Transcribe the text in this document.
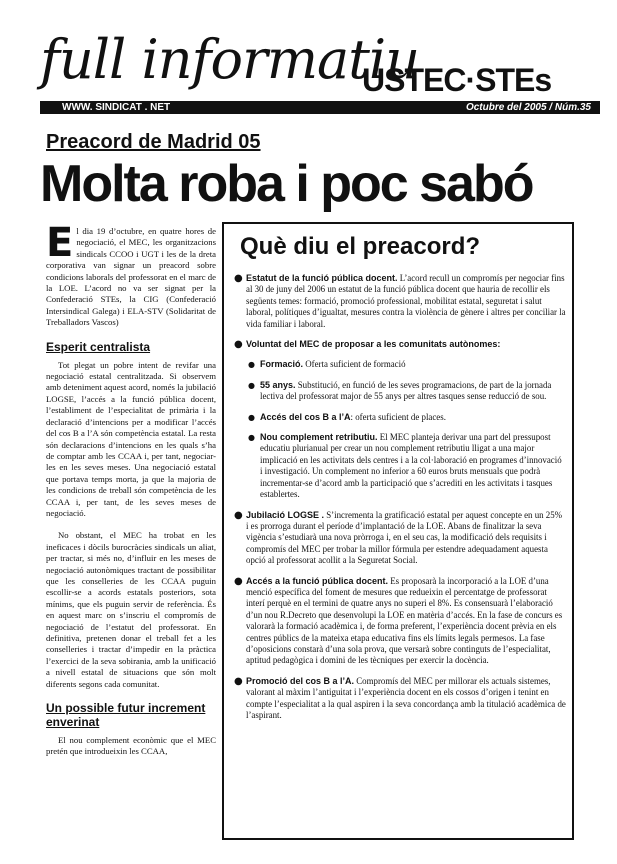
full informatiu
USTEC·STEs
WWW. SINDICAT . NET	Octubre del 2005 / Núm.35
Preacord de Madrid 05
Molta roba i poc sabó

El dia 19 d’octubre, en quatre hores de negociació, el MEC, les organitzacions sindicals CCOO i UGT i les de la dreta corporativa van signar un preacord sobre condicions laborals del professorat en el marc de la LOE. L’acord no va ser signat per la Confederació STEs, la CIG (Confederació Intersindical Galega) i ELA-STV (Solidaritat de Treballadors Vascos)

Esperit centralista

Tot plegat un pobre intent de revifar una negociació estatal centralitzada. Si observem amb deteniment aquest acord, només la jubilació LOGSE, l’accés a la funció pública docent, l’establiment de l’especialitat de primària i la declaració d’intencions per a modificar l’accés del cos B a l’A són competència estatal. La resta són declaracions d’intencions en les quals s’ha de comptar amb les CCAA i, per tant, negociar-les en les seves meses. Una negociació estatal que portava temps morta, ja que la majoria de les condicions de treball són competència de les CCAA i, per tant, de les seves meses de negociació.

No obstant, el MEC ha trobat en les ineficaces i dòcils burocràcies sindicals un aliat, per tractar, si més no, d’influir en les meses de negociació autonòmiques tractant de possibilitar que les conselleries de les CCAA puguin escollir-se a acords estatals posteriors, sota mínims, que els puguin servir de referència. És en aquest marc on s’inscriu el compromís de negociació de l’estatut del professorat. En definitiva, pretenen donar el treball fet a les conselleries i tractar d’impedir en la pràctica l’exercici de la seva sobirania, amb la unificació a nivell estatal de situacions que són molt diferents segons cada comunitat.

Un possible futur increment enverinat

El nou complement econòmic que el MEC pretén que introdueixin les CCAA,

Què diu el preacord?
● Estatut de la funció pública docent. L’acord recull un compromís per negociar fins al 30 de juny del 2006 un estatut de la funció pública docent que hauria de recollir els següents temes: formació, promoció professional, mobilitat estatal, seguretat i salut laboral, polítiques d’igualtat, mesures contra la violència de gènere i altres per conciliar la vida familiar i laboral.
● Voluntat del MEC de proposar a les comunitats autònomes:
● Formació. Oferta suficient de formació
● 55 anys. Substitució, en funció de les seves programacions, de part de la jornada lectiva del professorat major de 55 anys per altres tasques sense reducció de sou.
● Accés del cos B a l’A: oferta suficient de places.
● Nou complement retributiu. El MEC planteja derivar una part del pressupost educatiu plurianual per crear un nou complement retributiu lligat a una major implicació en les activitats dels centres i a la col·laboració en programes d’innovació i investigació. Un complement no inferior a 60 euros bruts mensuals que podrà incrementar-se d’acord amb la participació que s’acrediti en les activitats i tasques establertes.
● Jubilació LOGSE . S’incrementa la gratificació estatal per aquest concepte en un 25% i es prorroga durant el període d’implantació de la LOE. Abans de finalitzar la seva vigència s’estudiarà una nova pròrroga i, en el seu cas, la modificació dels requisits i compromís del MEC per trobar la millor fórmula per estendre adequadament aquesta opció al professorat acollit a la Seguretat Social.
● Accés a la funció pública docent. Es proposarà la incorporació a la LOE d’una menció específica del foment de mesures que redueixin el percentatge de professorat interí perquè en el termini de quatre anys no superi el 8%. Es consensuarà l’elaboració d’un nou R.Decreto que desenvolupi la LOE en matèria d’accés. En la fase de concurs es valorarà la formació acadèmica i, de forma preferent, l’experiència docent prèvia en els centres públics de la mateixa etapa educativa fins els límits legals permesos. La fase d’oposicions constarà d’una sola prova, que versarà sobre continguts de l’especialitat, aptitud pedagògica i domini de les tècniques per exercir la docència.
● Promoció del cos B a l’A. Compromís del MEC per millorar els actuals sistemes, valorant al màxim l’antiguitat i l’experiència docent en els cossos d’origen i tenint en compte l’especialitat a la qual aspiren i la seva concordança amb la titulació acadèmica de l’aspirant.
